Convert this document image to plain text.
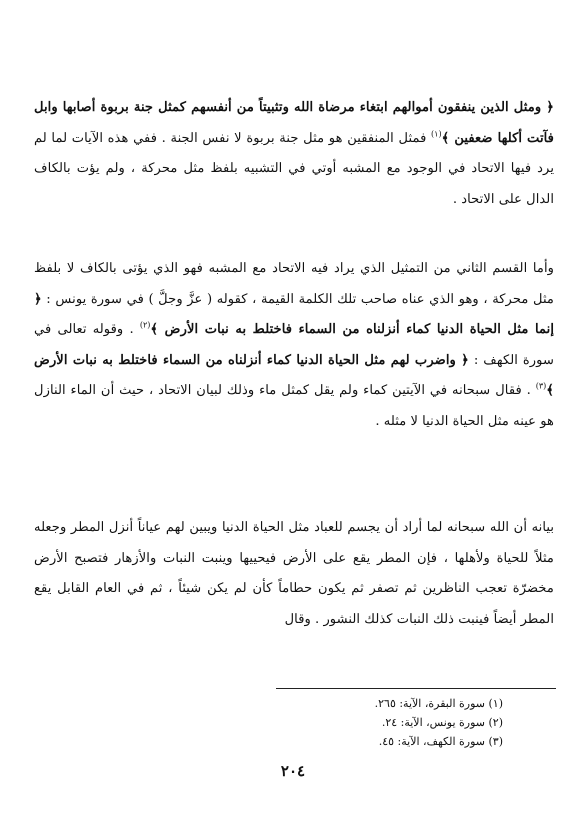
﴿ ومثل الذين ينفقون أموالهم ابتغاء مرضاة الله وتثبيتاً من أنفسهم كمثل جنة بربوة أصابها وابل فآتت أكلها ضعفين ﴾$^{(١)}$ فمثل المنفقين هو مثل جنة بربوة لا نفس الجنة . ففي هذه الآيات لما لم يرد فيها الاتحاد في الوجود مع المشبه أوتي في التشبيه بلفظ مثل محركة ، ولم يؤت بالكاف الدال على الاتحاد .

وأما القسم الثاني من التمثيل الذي يراد فيه الاتحاد مع المشبه فهو الذي يؤتى بالكاف لا بلفظ مثل محركة ، وهو الذي عناه صاحب تلك الكلمة القيمة ، كقوله ( عزَّ وجلَّ ) في سورة يونس : ﴿ إنما مثل الحياة الدنيا كماء أنزلناه من السماء فاختلط به نبات الأرض ﴾$^{(٢)}$ . وقوله تعالى في سورة الكهف : ﴿ واضرب لهم مثل الحياة الدنيا كماء أنزلناه من السماء فاختلط به نبات الأرض ﴾$^{(٣)}$ . فقال سبحانه في الآيتين كماء ولم يقل كمثل ماء وذلك لبيان الاتحاد ، حيث أن الماء النازل هو عينه مثل الحياة الدنيا لا مثله .

بيانه أن الله سبحانه لما أراد أن يجسم للعباد مثل الحياة الدنيا ويبين لهم عياناً أنزل المطر وجعله مثلاً للحياة ولأهلها ، فإن المطر يقع على الأرض فيحييها وينبت النبات والأزهار فتصبح الأرض مخضرّة تعجب الناظرين ثم تصفر ثم يكون حطاماً كأن لم يكن شيئاً ، ثم في العام القابل يقع المطر أيضاً فينبت ذلك النبات كذلك النشور . وقال

(١) سورة البقرة، الآية: ٢٦٥.
(٢) سورة يونس، الآية: ٢٤.
(٣) سورة الكهف، الآية: ٤٥.
٢٠٤
